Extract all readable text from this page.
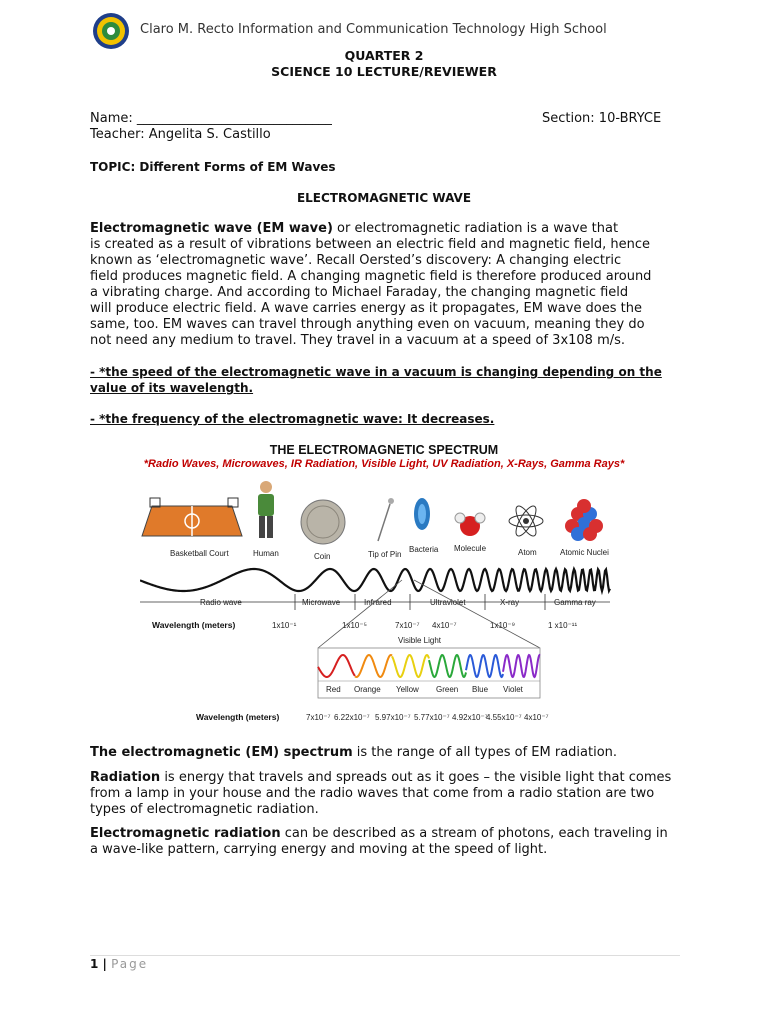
Claro M. Recto Information and Communication Technology High School
QUARTER 2
SCIENCE 10 LECTURE/REVIEWER
Name: ______________________________	Section: 10-BRYCE
Teacher: Angelita S. Castillo
TOPIC: Different Forms of EM Waves
ELECTROMAGNETIC WAVE
Electromagnetic wave (EM wave) or electromagnetic radiation is a wave that
is created as a result of vibrations between an electric field and magnetic field, hence
known as ‘electromagnetic wave’. Recall Oersted’s discovery: A changing electric
field produces magnetic field. A changing magnetic field is therefore produced around
a vibrating charge. And according to Michael Faraday, the changing magnetic field
will produce electric field. A wave carries energy as it propagates, EM wave does the
same, too. EM waves can travel through anything even on vacuum, meaning they do
not need any medium to travel. They travel in a vacuum at a speed of 3x108 m/s.
- *the speed of the electromagnetic wave in a vacuum is changing depending on the
value of its wavelength.
- *the frequency of the electromagnetic wave: It decreases.
THE ELECTROMAGNETIC SPECTRUM
*Radio Waves, Microwaves, IR Radiation, Visible Light, UV Radiation, X-Rays, Gamma Rays*
Basketball Court	Human	Coin	Tip of Pin
Bacteria Molecule	Atom	Atomic Nuclei
Radio wave	Microwave	Infrared	Ultraviolet	X-ray	Gamma ray
Wavelength (meters)	1x10⁻¹	1x10⁻⁵	7x10⁻⁷ 4x10⁻⁷	1x10⁻⁹	1 x10⁻¹¹
Visible Light
Red Orange Yellow Green Blue Violet
Wavelength (meters)	7x10⁻⁷ 6.22x10⁻⁷ 5.97x10⁻⁷ 5.77x10⁻⁷ 4.92x10⁻⁷
4.55x10⁻⁷ 4x10⁻⁷
The electromagnetic (EM) spectrum is the range of all types of EM radiation.
Radiation is energy that travels and spreads out as it goes – the visible light that comes
from a lamp in your house and the radio waves that come from a radio station are two
types of electromagnetic radiation.
Electromagnetic radiation can be described as a stream of photons, each traveling in
a wave-like pattern, carrying energy and moving at the speed of light.
1 | Page
